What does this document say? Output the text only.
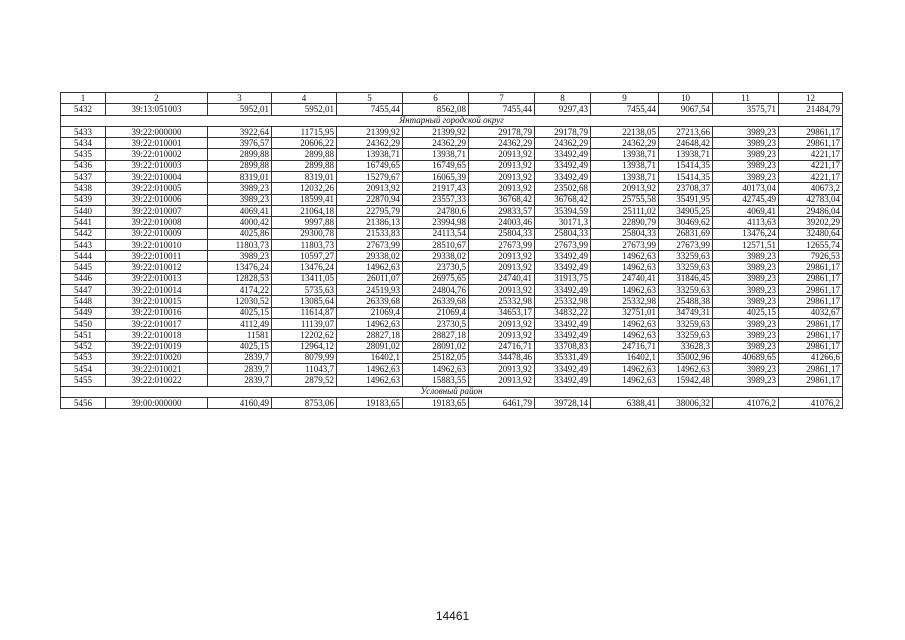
1	2	3	4	5	6	7	8	9	10	11	12
5432	39:13:051003	5952,01	5952,01	7455,44	8562,08	7455,44	9297,43	7455,44	9067,54	3575,71	21484,79
Янтарный городской округ											
5433	39:22:000000	3922,64	11715,95	21399,92	21399,92	29178,79	29178,79	22138,05	27213,66	3989,23	29861,17
5434	39:22:010001	3976,57	20606,22	24362,29	24362,29	24362,29	24362,29	24362,29	24648,42	3989,23	29861,17
5435	39:22:010002	2899,88	2899,88	13938,71	13938,71	20913,92	33492,49	13938,71	13938,71	3989,23	4221,17
5436	39:22:010003	2899,88	2899,88	16749,65	16749,65	20913,92	33492,49	13938,71	15414,35	3989,23	4221,17
5437	39:22:010004	8319,01	8319,01	15279,67	16065,39	20913,92	33492,49	13938,71	15414,35	3989,23	4221,17
5438	39:22:010005	3989,23	12032,26	20913,92	21917,43	20913,92	23502,68	20913,92	23708,37	40173,04	40673,2
5439	39:22:010006	3989,23	18599,41	22870,94	23557,33	36768,42	36768,42	25755,58	35491,95	42745,49	42783,04
5440	39:22:010007	4069,41	21064,18	22795,79	24780,6	29833,57	35394,59	25111,02	34905,25	4069,41	29486,04
5441	39:22:010008	4000,42	9997,88	21386,13	23994,98	24003,46	30171,3	22890,79	30469,62	4113,63	39202,29
5442	39:22:010009	4025,86	29300,78	21533,83	24113,54	25804,33	25804,33	25804,33	26831,69	13476,24	32480,64
5443	39:22:010010	11803,73	11803,73	27673,99	28510,67	27673,99	27673,99	27673,99	27673,99	12571,51	12655,74
5444	39:22:010011	3989,23	10597,27	29338,02	29338,02	20913,92	33492,49	14962,63	33259,63	3989,23	7926,53
5445	39:22:010012	13476,24	13476,24	14962,63	23730,5	20913,92	33492,49	14962,63	33259,63	3989,23	29861,17
5446	39:22:010013	12828,53	13411,05	26011,07	26975,65	24740,41	31913,75	24740,41	31846,45	3989,23	29861,17
5447	39:22:010014	4174,22	5735,63	24519,93	24804,76	20913,92	33492,49	14962,63	33259,63	3989,23	29861,17
5448	39:22:010015	12030,52	13085,64	26339,68	26339,68	25332,98	25332,98	25332,98	25488,38	3989,23	29861,17
5449	39:22:010016	4025,15	11614,87	21069,4	21069,4	34653,17	34832,22	32751,01	34749,31	4025,15	4032,67
5450	39:22:010017	4112,49	11139,07	14962,63	23730,5	20913,92	33492,49	14962,63	33259,63	3989,23	29861,17
5451	39:22:010018	11581	12202,62	28827,18	28827,18	20913,92	33492,49	14962,63	33259,63	3989,23	29861,17
5452	39:22:010019	4025,15	12964,12	28091,02	28091,02	24716,71	33708,83	24716,71	33628,3	3989,23	29861,17
5453	39:22:010020	2839,7	8079,99	16402,1	25182,05	34478,46	35331,49	16402,1	35002,96	40689,65	41266,6
5454	39:22:010021	2839,7	11043,7	14962,63	14962,63	20913,92	33492,49	14962,63	14962,63	3989,23	29861,17
5455	39:22:010022	2839,7	2879,52	14962,63	15883,55	20913,92	33492,49	14962,63	15942,48	3989,23	29861,17
Условный район											
5456	39:00:000000	4160,49	8753,06	19183,65	19183,65	6461,79	39728,14	6388,41	38006,32	41076,2	41076,2
14461
